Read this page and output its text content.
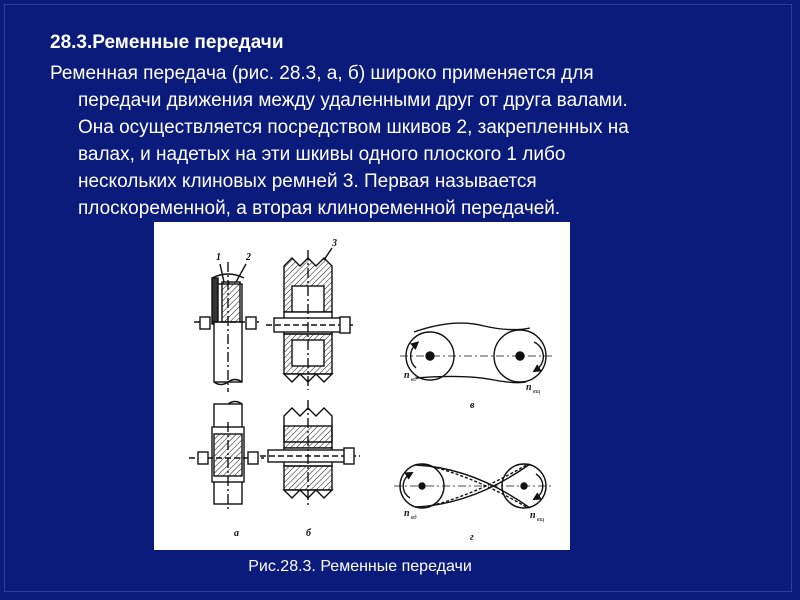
28.3.Ременные передачи
Ременная передача (рис. 28.3, а, б) широко применяется для
передачи движения между удаленными друг от друга валами.
Она осуществляется посредством шкивов 2, закрепленных на
валах, и надетых на эти шкивы одного плоского 1 либо
нескольких клиновых ремней 3. Первая называется
плоскоременной, а вторая клиноременной передачей.
1	2
3
а	б
в
г
n вд
n вщ
n вд	n вщ
Рис.28.3. Ременные передачи
